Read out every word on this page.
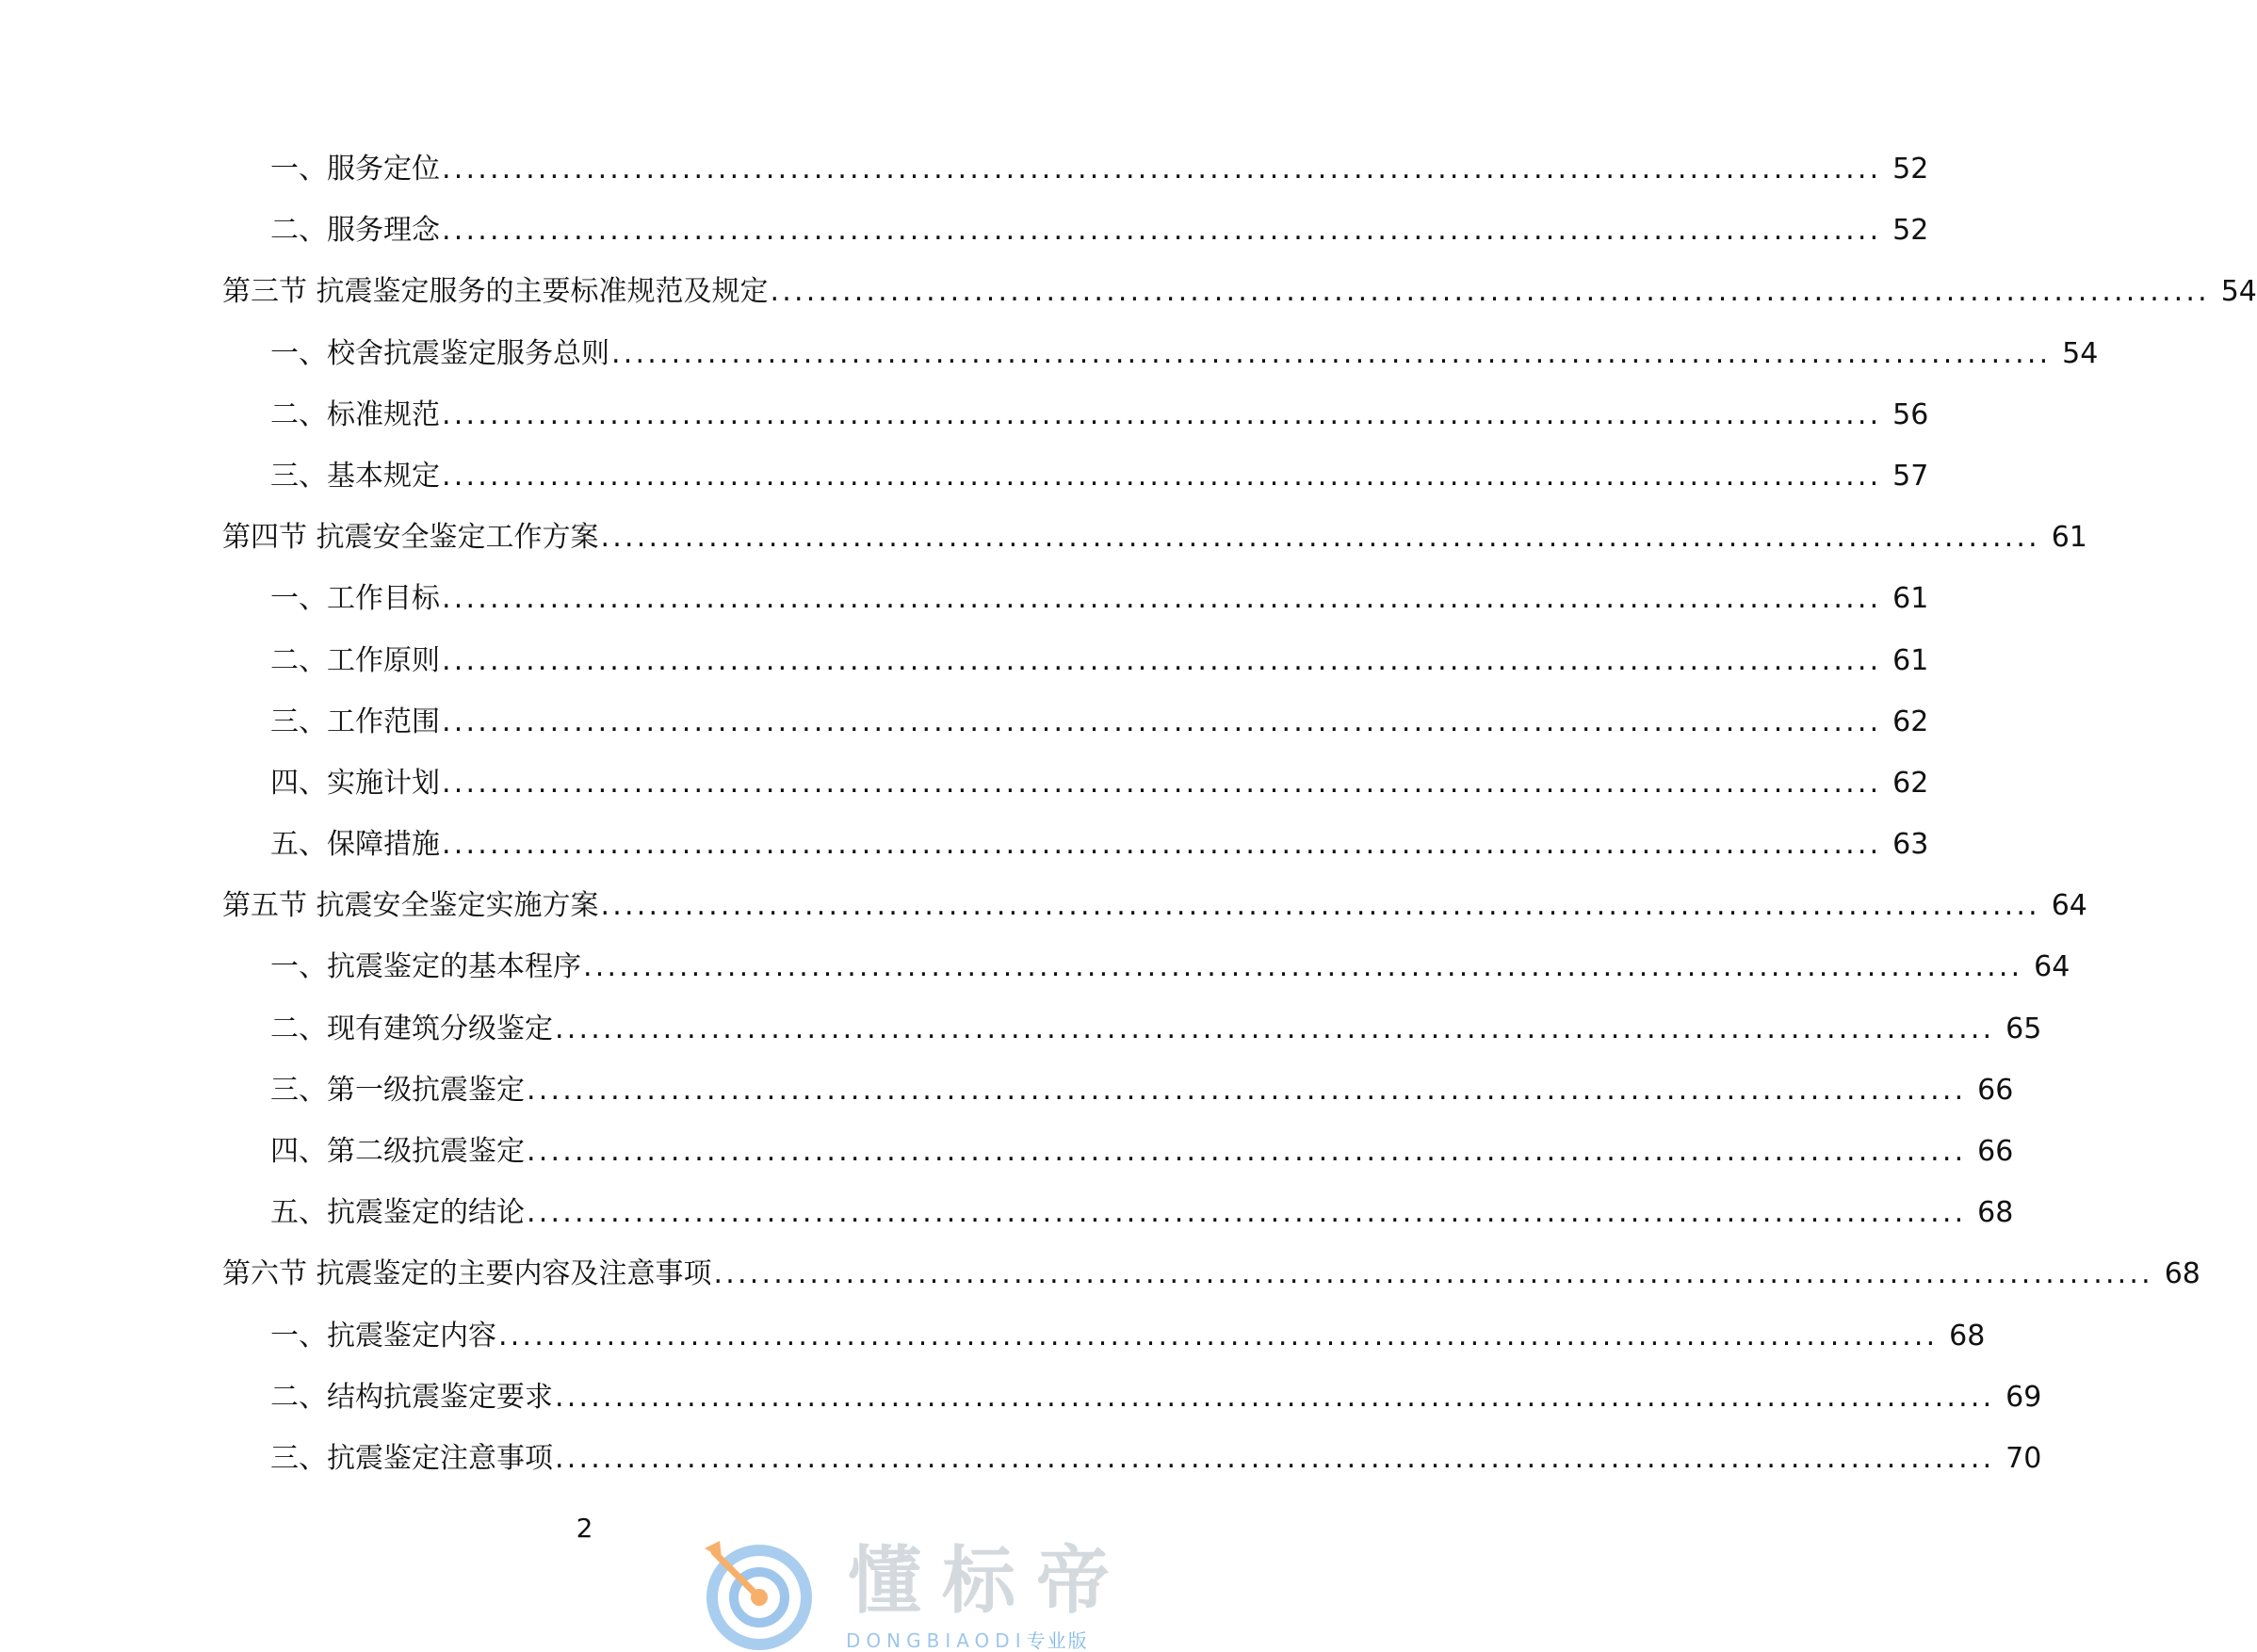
一、服务定位 ........................................................................................................................ 52
二、服务理念 ........................................................................................................................ 52
第三节 抗震鉴定服务的主要标准规范及规定 ........................................................................................................................ 54
一、校舍抗震鉴定服务总则 ........................................................................................................................ 54
二、标准规范 ........................................................................................................................ 56
三、基本规定 ........................................................................................................................ 57
第四节 抗震安全鉴定工作方案 ........................................................................................................................ 61
一、工作目标 ........................................................................................................................ 61
二、工作原则 ........................................................................................................................ 61
三、工作范围 ........................................................................................................................ 62
四、实施计划 ........................................................................................................................ 62
五、保障措施 ........................................................................................................................ 63
第五节 抗震安全鉴定实施方案 ........................................................................................................................ 64
一、抗震鉴定的基本程序 ........................................................................................................................ 64
二、现有建筑分级鉴定 ........................................................................................................................ 65
三、第一级抗震鉴定 ........................................................................................................................ 66
四、第二级抗震鉴定 ........................................................................................................................ 66
五、抗震鉴定的结论 ........................................................................................................................ 68
第六节 抗震鉴定的主要内容及注意事项 ........................................................................................................................ 68
一、抗震鉴定内容 ........................................................................................................................ 68
二、结构抗震鉴定要求 ........................................................................................................................ 69
三、抗震鉴定注意事项 ........................................................................................................................ 70
2
懂标帝
DONGBIAODI专业版
